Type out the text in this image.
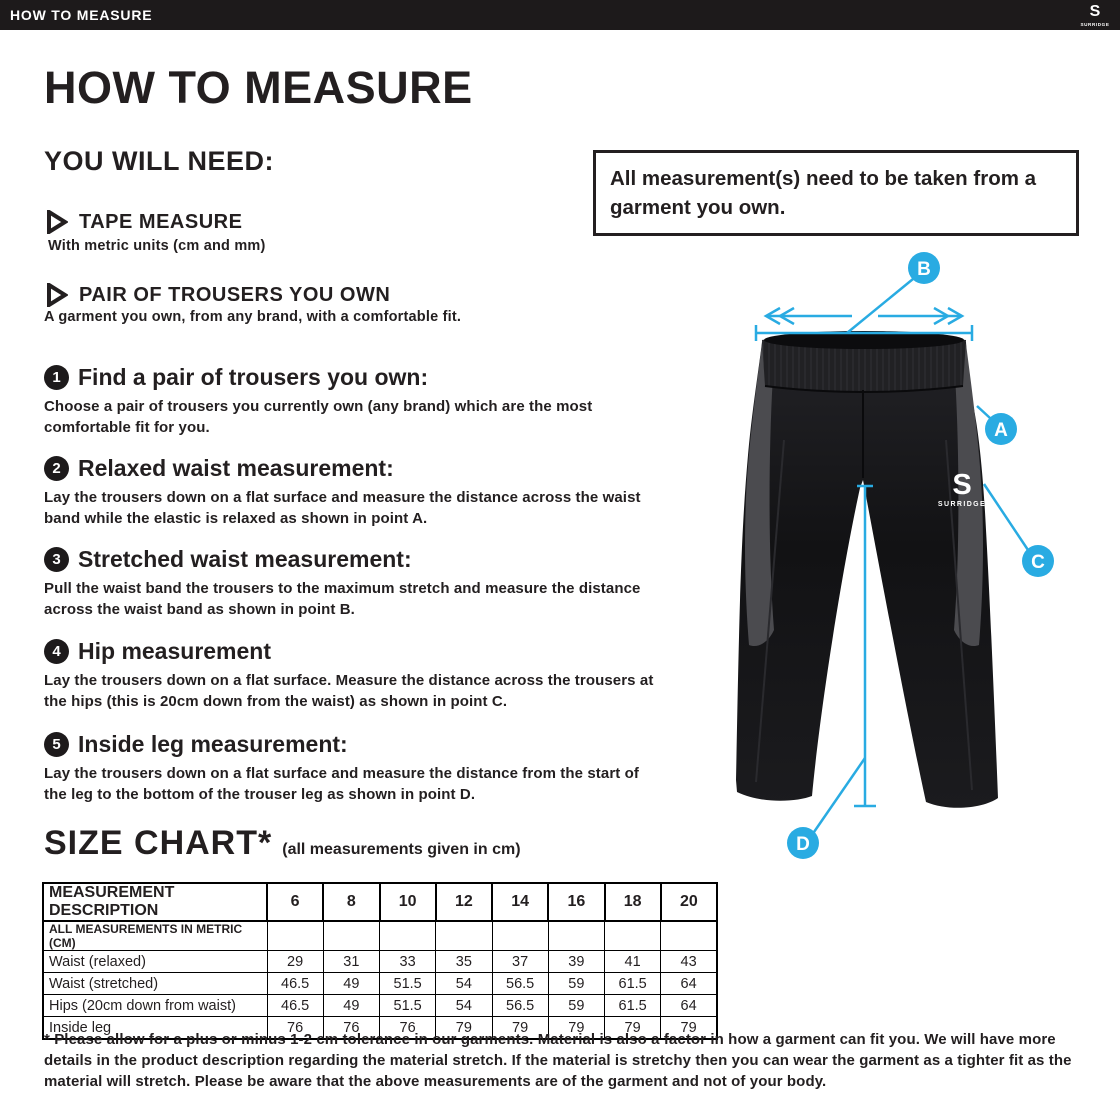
HOW TO MEASURE	S
SURRIDGE
HOW TO MEASURE
YOU WILL NEED:
TAPE MEASURE
With metric units (cm and mm)
PAIR OF TROUSERS YOU OWN
A garment you own, from any brand, with a comfortable fit.
All measurement(s) need to be taken from a garment you own.
1 Find a pair of trousers you own:
Choose a pair of trousers you currently own (any brand) which are the most comfortable fit for you.
2 Relaxed waist measurement:
Lay the trousers down on a flat surface and measure the distance across the waist band while the elastic is relaxed as shown in point A.
3 Stretched waist measurement:
Pull the waist band the trousers to the maximum stretch and measure the distance across the waist band as shown in point B.
4 Hip measurement
Lay the trousers down on a flat surface. Measure the distance across the trousers at the hips (this is 20cm down from the waist) as shown in point C.
5 Inside leg measurement:
Lay the trousers down on a flat surface and measure the distance from the start of the leg to the bottom of the trouser leg as shown in point D.
S
SURRIDGE
B
A
C
D
SIZE CHART* (all measurements given in cm)
MEASUREMENT DESCRIPTION	6	8	10	12	14	16	18	20
ALL MEASUREMENTS IN METRIC (CM)								
Waist (relaxed)	29	31	33	35	37	39	41	43
Waist (stretched)	46.5	49	51.5	54	56.5	59	61.5	64
Hips (20cm down from waist)	46.5	49	51.5	54	56.5	59	61.5	64
Inside leg	76	76	76	79	79	79	79	79
* Please allow for a plus or minus 1-2 cm tolerance in our garments. Material is also a factor in how a garment can fit you. We will have more details in the product description regarding the material stretch. If the material is stretchy then you can wear the garment as a tighter fit as the material will stretch. Please be aware that the above measurements are of the garment and not of your body.
